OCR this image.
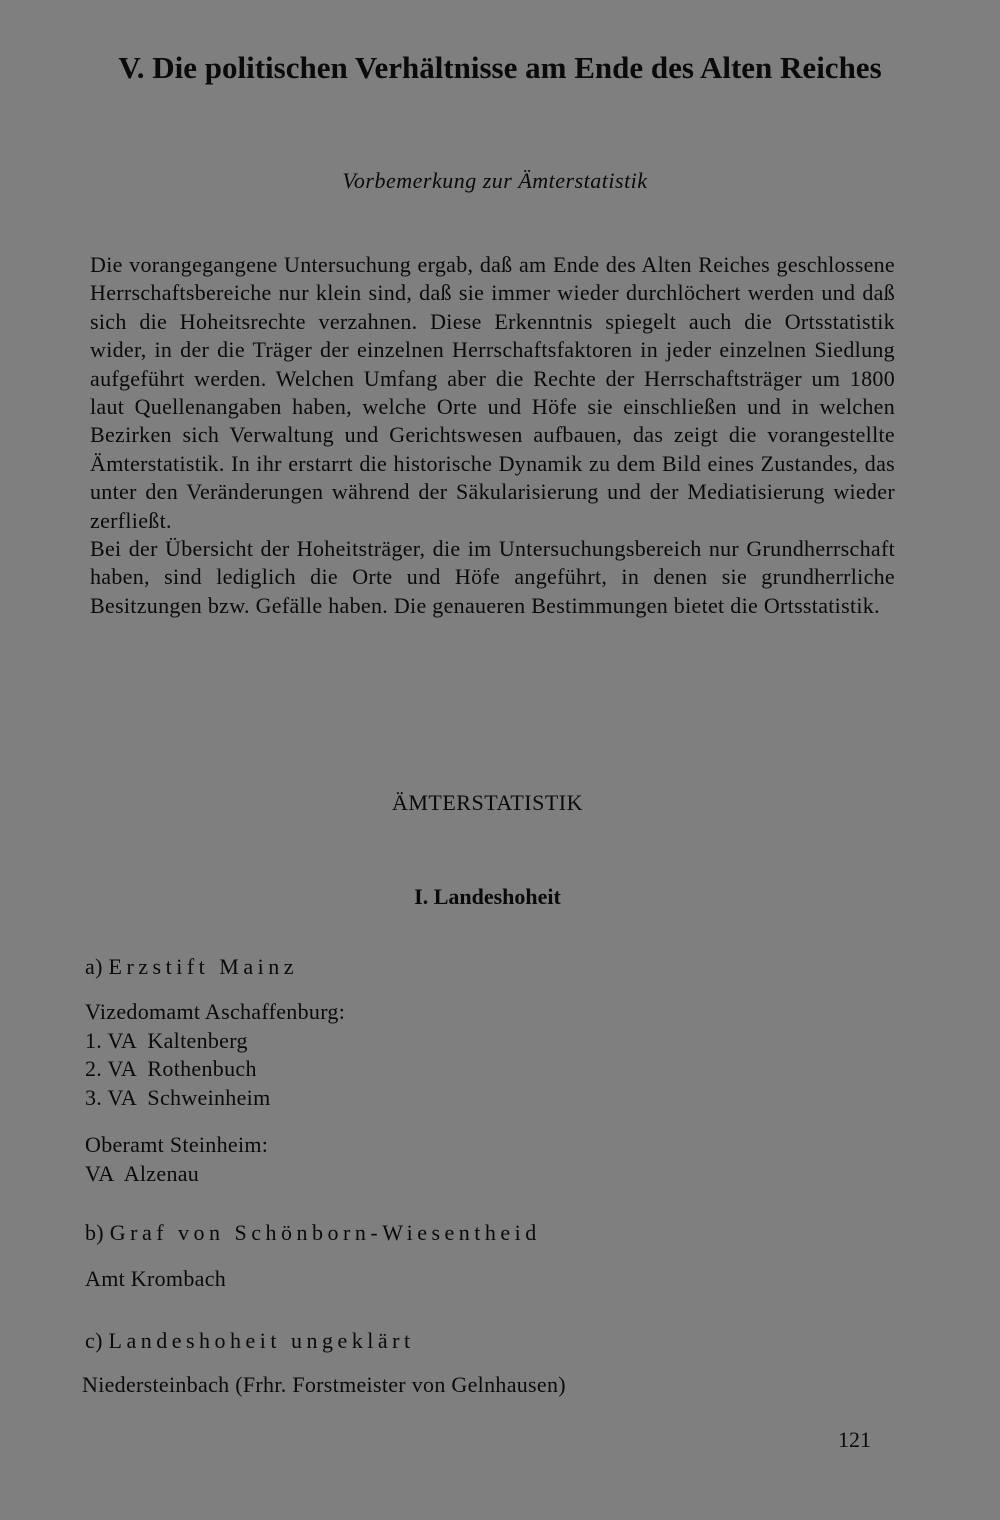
V. Die politischen Verhältnisse am Ende des Alten Reiches
Vorbemerkung zur Ämterstatistik

Die vorangegangene Untersuchung ergab, daß am Ende des Alten Reiches geschlossene Herrschaftsbereiche nur klein sind, daß sie immer wieder durchlöchert werden und daß sich die Hoheitsrechte verzahnen. Diese Erkenntnis spiegelt auch die Ortsstatistik wider, in der die Träger der einzelnen Herrschaftsfaktoren in jeder einzelnen Siedlung aufgeführt werden. Welchen Umfang aber die Rechte der Herrschaftsträger um 1800 laut Quellenangaben haben, welche Orte und Höfe sie einschließen und in welchen Bezirken sich Verwaltung und Gerichtswesen aufbauen, das zeigt die vorangestellte Ämterstatistik. In ihr erstarrt die historische Dynamik zu dem Bild eines Zustandes, das unter den Veränderungen während der Säkularisierung und der Mediatisierung wieder zerfließt.

Bei der Übersicht der Hoheitsträger, die im Untersuchungsbereich nur Grundherrschaft haben, sind lediglich die Orte und Höfe angeführt, in denen sie grundherrliche Besitzungen bzw. Gefälle haben. Die genaueren Bestimmungen bietet die Ortsstatistik.

ÄMTERSTATISTIK
I. Landeshoheit
a) Erzstift Mainz
Vizedomamt Aschaffenburg:
1. VA  Kaltenberg
2. VA  Rothenbuch
3. VA  Schweinheim
Oberamt Steinheim:
VA  Alzenau
b) Graf von Schönborn-Wiesentheid
Amt Krombach
c) Landeshoheit ungeklärt
Niedersteinbach (Frhr. Forstmeister von Gelnhausen)
121
